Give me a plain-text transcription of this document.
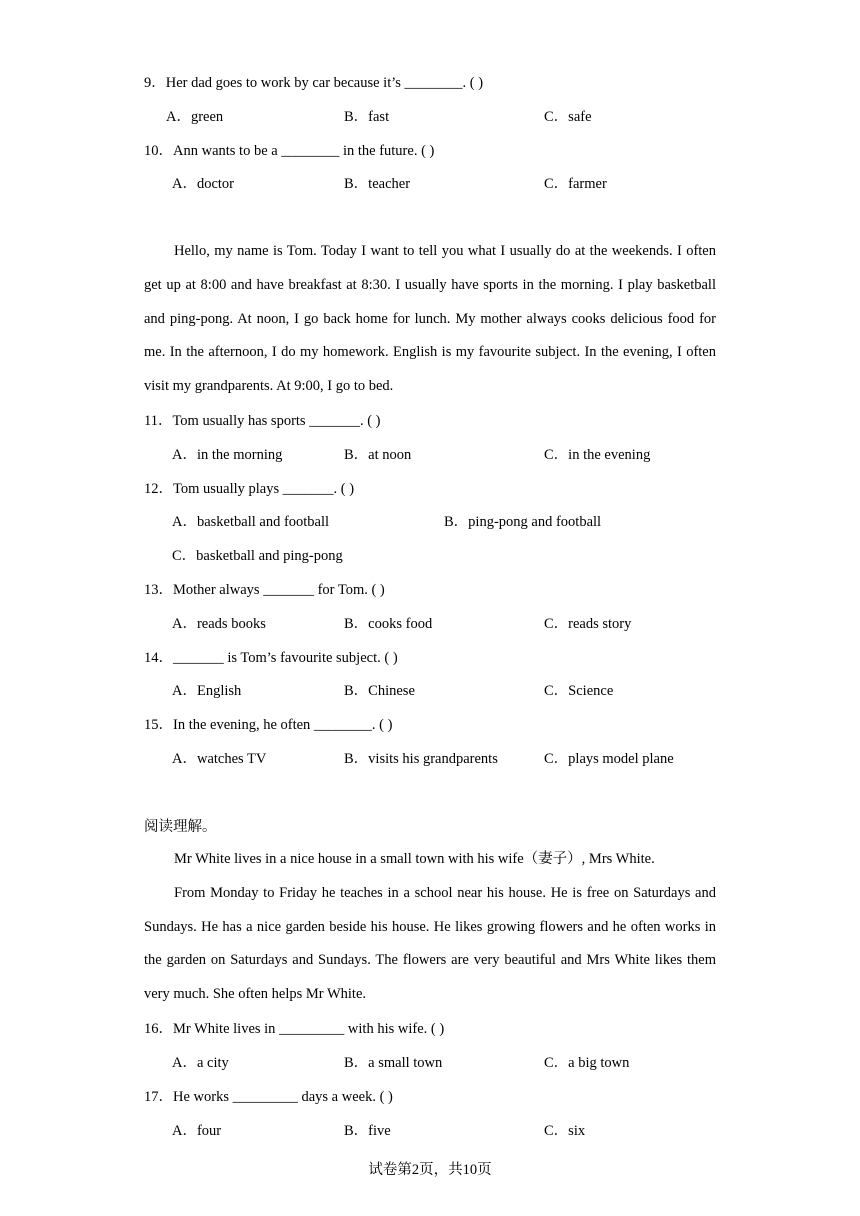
9．Her dad goes to work by car because it’s ________. ( )
A．green	B．fast	C．safe
10．Ann wants to be a ________ in the future. ( )
A．doctor	B．teacher	C．farmer

Hello, my name is Tom. Today I want to tell you what I usually do at the weekends. I often get up at 8:00 and have breakfast at 8:30. I usually have sports in the morning. I play basketball and ping-pong. At noon, I go back home for lunch. My mother always cooks delicious food for me. In the afternoon, I do my homework. English is my favourite subject. In the evening, I often visit my grandparents. At 9:00, I go to bed.

11．Tom usually has sports _______. ( )
A．in the morning	B．at noon	C．in the evening
12．Tom usually plays _______. ( )
A．basketball and football	B．ping-pong and football
C．basketball and ping-pong
13．Mother always _______ for Tom. ( )
A．reads books	B．cooks food	C．reads story
14．_______ is Tom’s favourite subject. ( )
A．English	B．Chinese	C．Science
15．In the evening, he often ________. ( )
A．watches TV	B．visits his grandparents	C．plays model plane
阅读理解。

Mr White lives in a nice house in a small town with his wife（妻子）, Mrs White.

From Monday to Friday he teaches in a school near his house. He is free on Saturdays and Sundays. He has a nice garden beside his house. He likes growing flowers and he often works in the garden on Saturdays and Sundays. The flowers are very beautiful and Mrs White likes them very much. She often helps Mr White.

16．Mr White lives in _________ with his wife. ( )
A．a city	B．a small town	C．a big town
17．He works _________ days a week. ( )
A．four	B．five	C．six
试卷第2页，共10页
